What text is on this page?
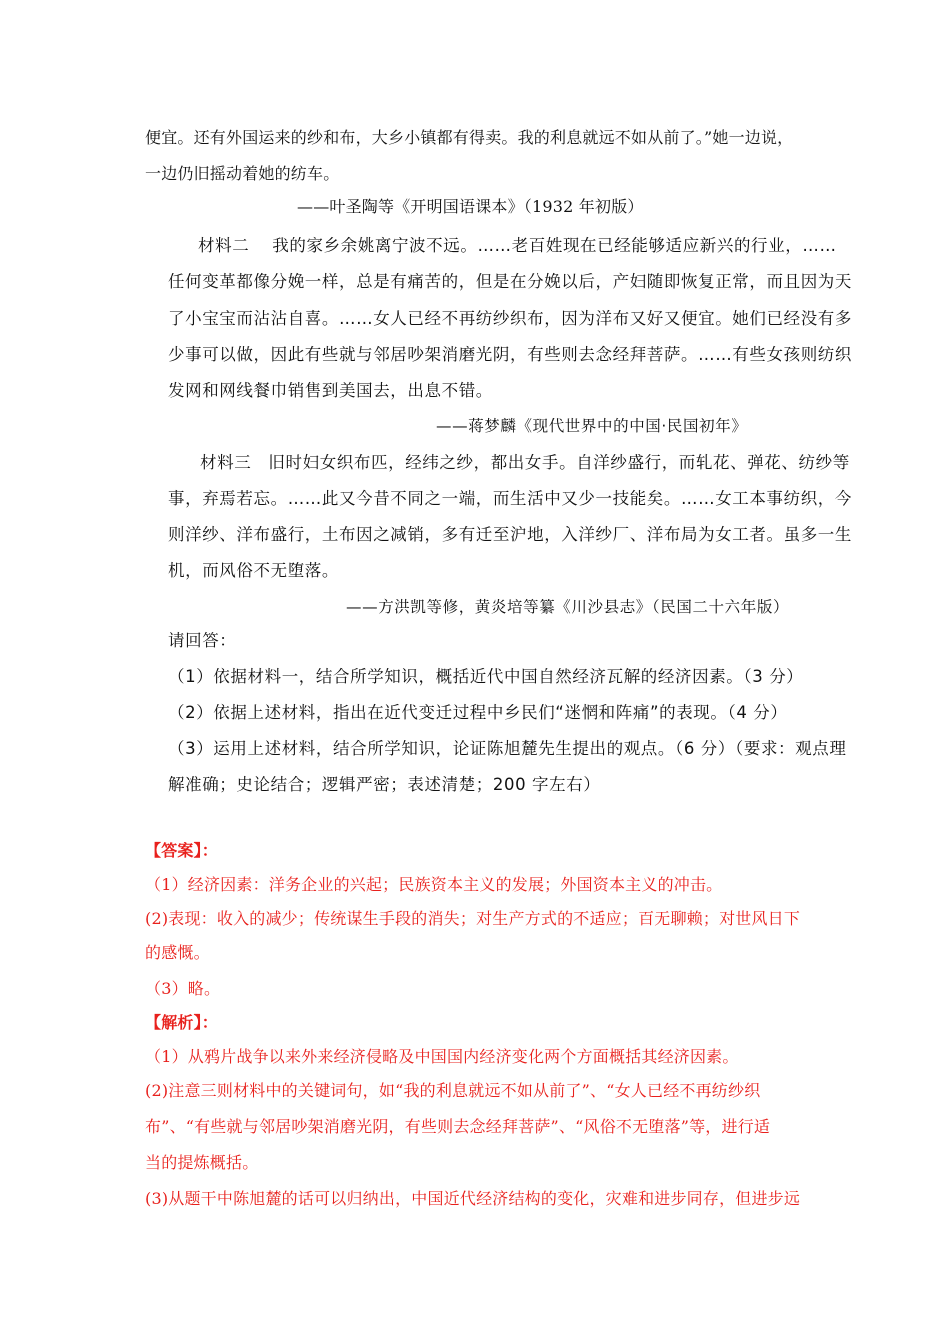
便宜。还有外国运来的纱和布，大乡小镇都有得卖。我的利息就远不如从前了。”她一边说，
一边仍旧摇动着她的纺车。
——叶圣陶等《开明国语课本》（1932 年初版）
材料二　 我的家乡余姚离宁波不远。……老百姓现在已经能够适应新兴的行业，……
任何变革都像分娩一样，总是有痛苦的，但是在分娩以后，产妇随即恢复正常，而且因为天
了小宝宝而沾沾自喜。……女人已经不再纺纱织布，因为洋布又好又便宜。她们已经没有多
少事可以做，因此有些就与邻居吵架消磨光阴，有些则去念经拜菩萨。……有些女孩则纺织
发网和网线餐巾销售到美国去，出息不错。
——蒋梦麟《现代世界中的中国·民国初年》
材料三　旧时妇女织布匹，经纬之纱，都出女手。自洋纱盛行，而轧花、弹花、纺纱等
事，弃焉若忘。……此又今昔不同之一端，而生活中又少一技能矣。……女工本事纺织，今
则洋纱、洋布盛行，土布因之减销，多有迁至沪地，入洋纱厂、洋布局为女工者。虽多一生
机，而风俗不无堕落。
——方洪凯等修，黄炎培等纂《川沙县志》（民国二十六年版）
请回答：
（1）依据材料一，结合所学知识，概括近代中国自然经济瓦解的经济因素。（3 分）
（2）依据上述材料，指出在近代变迁过程中乡民们“迷惘和阵痛”的表现。（4 分）
（3）运用上述材料，结合所学知识，论证陈旭麓先生提出的观点。（6 分）（要求：观点理
解准确；史论结合；逻辑严密；表述清楚；200 字左右）
【答案】：
（1）经济因素：洋务企业的兴起；民族资本主义的发展；外国资本主义的冲击。
(2)表现：收入的减少；传统谋生手段的消失；对生产方式的不适应；百无聊赖；对世风日下
的感慨。
（3）略。
【解析】：
（1）从鸦片战争以来外来经济侵略及中国国内经济变化两个方面概括其经济因素。
(2)注意三则材料中的关键词句，如“我的利息就远不如从前了”、“女人已经不再纺纱织
布”、“有些就与邻居吵架消磨光阴，有些则去念经拜菩萨”、“风俗不无堕落”等，进行适
当的提炼概括。
(3)从题干中陈旭麓的话可以归纳出，中国近代经济结构的变化，灾难和进步同存，但进步远
